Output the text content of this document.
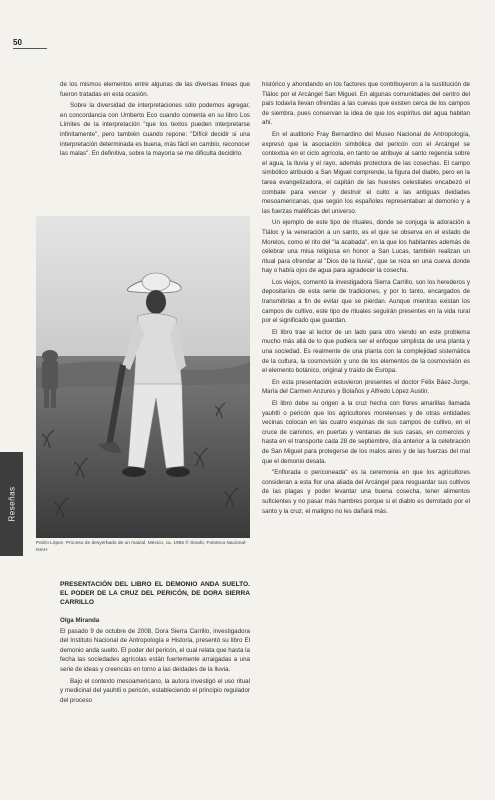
50

de los mismos elementos entre algunas de las diversas líneas que fueron tratadas en esta ocasión.

Sobre la diversidad de interpretaciones sólo podemos agregar, en concordancia con Umberto Eco cuando comenta en su libro Los Límites de la interpretación "que los textos pueden interpretarse infinitamente", pero también cuando repone: "Difícil decidir si una interpretación determinada es buena, más fácil en cambio, reconocer las malas". En definitiva, sobre la mayoría se me dificulta decidirlo.

Pedro López. Proceso de desyerbado de un maizal, México, ca. 1955 © Sinafo, Fototeca Nacional-INAH
PRESENTACIÓN DEL LIBRO EL DEMONIO ANDA SUELTO. EL PODER DE LA CRUZ DEL PERICÓN, DE DORA SIERRA CARRILLO
Olga Miranda

El pasado 9 de octubre de 2008, Dora Sierra Carrillo, investigadora del Instituto Nacional de Antropología e Historia, presentó su libro El demonio anda suelto. El poder del pericón, el cual relata que hasta la fecha las sociedades agrícolas están fuertemente arraigadas a una serie de ideas y creencias en torno a las deidades de la lluvia.

Bajo el contexto mesoamericano, la autora investigó el uso ritual y medicinal del yauhtli o pericón, estableciendo el principio regulador del proceso

histórico y ahondando en los factores que contribuyeron a la sustitución de Tláloc por el Arcángel San Miguel. En algunas comunidades del centro del país todavía llevan ofrendas a las cuevas que existen cerca de los campos de siembra, pues conservan la idea de que los espíritus del agua habitan ahí.

En el auditorio Fray Bernardino del Museo Nacional de Antropología, expresó que la asociación simbólica del pericón con el Arcángel se contextúa en el ciclo agrícola, en tanto se atribuye al santo regencia sobre el agua, la lluvia y el rayo, además protectora de las cosechas. El campo simbólico atribuido a San Miguel comprende, la figura del diablo, pero en la tarea evangelizadora, el capitán de las huestes celestiales encabezó el combate para vencer y destruir el culto a las antiguas deidades mesoamericanas, que según los españoles representaban al demonio y a las fuerzas maléficas del universo.

Un ejemplo de este tipo de rituales, donde se conjuga la adoración a Tláloc y la veneración a un santo, es el que se observa en el estado de Morelos, como el rito del "la acabada", en la que los habitantes además de celebrar una misa religiosa en honor a San Lucas, también realizan un ritual para ofrendar al "Dios de la lluvia", que se reza en una cueva donde hay o había ojos de agua para agradecer la cosecha.

Los viejos, comentó la investigadora Sierra Carrillo, son los herederos y depositarios de esta serie de tradiciones, y por lo tanto, encargados de transmitirlas a fin de evitar que se pierdan. Aunque mientras existan los campos de cultivo, este tipo de rituales seguirán presentes en la vida rural por el significado que guardan.

El libro trae al lector de un lado para otro viendo en este problema mucho más allá de lo que pudiera ser el enfoque simplista de una planta y una sociedad. Es realmente de una planta con la complejidad sistemática de la cultura, la cosmovisión y uno de los elementos de la cosmovisión es el elemento botánico, original y traído de Europa.

En esta presentación estuvieron presentes el doctor Félix Báez-Jorge, María del Carmen Anzures y Bolaños y Alfredo López Austin.

El libro debe su origen a la cruz hecha con flores amarillas llamada yauhtli o pericón que los agricultores morelenses y de otras entidades vecinas colocan en las cuatro esquinas de sus campos de cultivo, en el cruce de caminos, en puertas y ventanas de sus casas, en comercios y hasta en el transporte cada 28 de septiembre, día anterior a la celebración de San Miguel para protegerse de los malos aires y de las fuerzas del mal que el demonio desata.

"Enflorada o periconeada" es la ceremonia en que los agricultores consideran a esta flor una aliada del Arcángel para resguardar sus cultivos de las plagas y poder levantar una buena cosecha, tener alimentos suficientes y no pasar más hambres porque si el diablo es derrotado por el santo y la cruz, el maligno no les dañará más.

Reseñas
